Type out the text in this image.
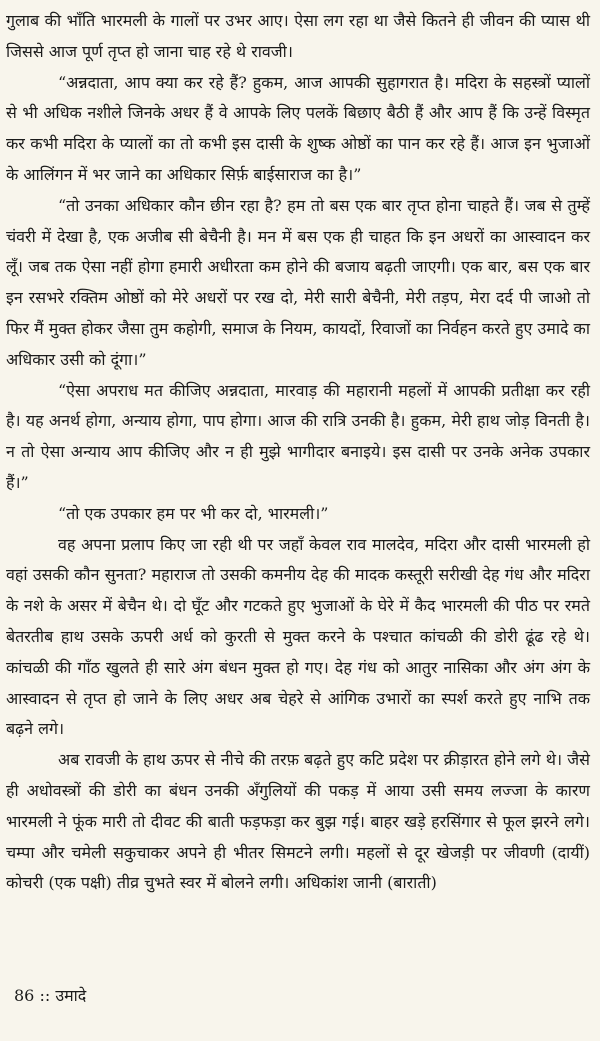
गुलाब की भाँति भारमली के गालों पर उभर आए। ऐसा लग रहा था जैसे कितने ही जीवन की प्यास थी जिससे आज पूर्ण तृप्त हो जाना चाह रहे थे रावजी।

“अन्नदाता, आप क्या कर रहे हैं? हुकम, आज आपकी सुहागरात है। मदिरा के सहस्त्रों प्यालों से भी अधिक नशीले जिनके अधर हैं वे आपके लिए पलकें बिछाए बैठी हैं और आप हैं कि उन्हें विस्मृत कर कभी मदिरा के प्यालों का तो कभी इस दासी के शुष्क ओष्ठों का पान कर रहे हैं। आज इन भुजाओं के आलिंगन में भर जाने का अधिकार सिर्फ़ बाईसाराज का है।”

“तो उनका अधिकार कौन छीन रहा है? हम तो बस एक बार तृप्त होना चाहते हैं। जब से तुम्हें चंवरी में देखा है, एक अजीब सी बेचैनी है। मन में बस एक ही चाहत कि इन अधरों का आस्वादन कर लूँ। जब तक ऐसा नहीं होगा हमारी अधीरता कम होने की बजाय बढ़ती जाएगी। एक बार, बस एक बार इन रसभरे रक्तिम ओष्ठों को मेरे अधरों पर रख दो, मेरी सारी बेचैनी, मेरी तड़प, मेरा दर्द पी जाओ तो फिर मैं मुक्त होकर जैसा तुम कहोगी, समाज के नियम, कायदों, रिवाजों का निर्वहन करते हुए उमादे का अधिकार उसी को दूंगा।”

“ऐसा अपराध मत कीजिए अन्नदाता, मारवाड़ की महारानी महलों में आपकी प्रतीक्षा कर रही है। यह अनर्थ होगा, अन्याय होगा, पाप होगा। आज की रात्रि उनकी है। हुकम, मेरी हाथ जोड़ विनती है। न तो ऐसा अन्याय आप कीजिए और न ही मुझे भागीदार बनाइये। इस दासी पर उनके अनेक उपकार हैं।”

“तो एक उपकार हम पर भी कर दो, भारमली।”

वह अपना प्रलाप किए जा रही थी पर जहाँ केवल राव मालदेव, मदिरा और दासी भारमली हो वहां उसकी कौन सुनता? महाराज तो उसकी कमनीय देह की मादक कस्तूरी सरीखी देह गंध और मदिरा के नशे के असर में बेचैन थे। दो घूँट और गटकते हुए भुजाओं के घेरे में कैद भारमली की पीठ पर रमते बेतरतीब हाथ उसके ऊपरी अर्ध को कुरती से मुक्त करने के पश्चात कांचळी की डोरी ढूंढ रहे थे। कांचळी की गाँठ खुलते ही सारे अंग बंधन मुक्त हो गए। देह गंध को आतुर नासिका और अंग अंग के आस्वादन से तृप्त हो जाने के लिए अधर अब चेहरे से आंगिक उभारों का स्पर्श करते हुए नाभि तक बढ़ने लगे।

अब रावजी के हाथ ऊपर से नीचे की तरफ़ बढ़ते हुए कटि प्रदेश पर क्रीड़ारत होने लगे थे। जैसे ही अधोवस्त्रों की डोरी का बंधन उनकी अँगुलियों की पकड़ में आया उसी समय लज्जा के कारण भारमली ने फूंक मारी तो दीवट की बाती फड़फड़ा कर बुझ गई। बाहर खड़े हरसिंगार से फूल झरने लगे। चम्पा और चमेली सकुचाकर अपने ही भीतर सिमटने लगी। महलों से दूर खेजड़ी पर जीवणी (दायीं) कोचरी (एक पक्षी) तीव्र चुभते स्वर में बोलने लगी। अधिकांश जानी (बाराती)

86 :: उमादे
